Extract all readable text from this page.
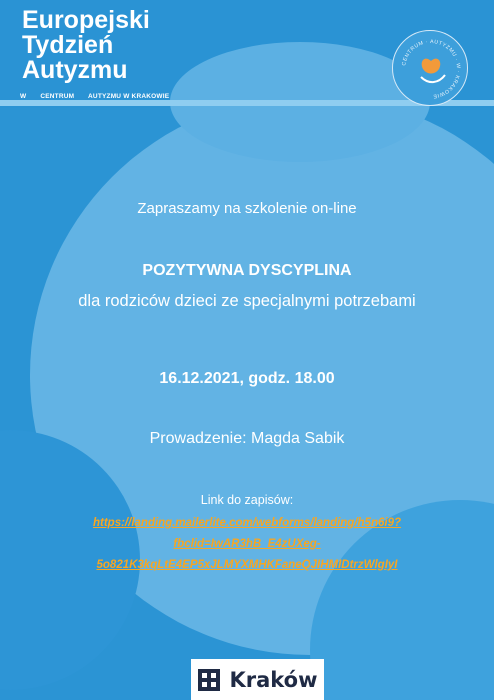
Europejski
Tydzień
Autyzmu
W CENTRUM AUTYZMU W KRAKOWIE
CENTRUM · AUTYZMU · W · KRAKOWIE
Zapraszamy na szkolenie on-line
POZYTYWNA DYSCYPLINA
dla rodziców dzieci ze specjalnymi potrzebami
16.12.2021, godz. 18.00
Prowadzenie: Magda Sabik
Link do zapisów:
https://landing.mailerlite.com/webforms/landing/h5n6i9?
fbclid=IwAR3hB_E4zUXeg-
5o821K3kqLtE4EP5xJLMYXMHKFaneQJIHMIDtrzWlgIyI
Kraków
